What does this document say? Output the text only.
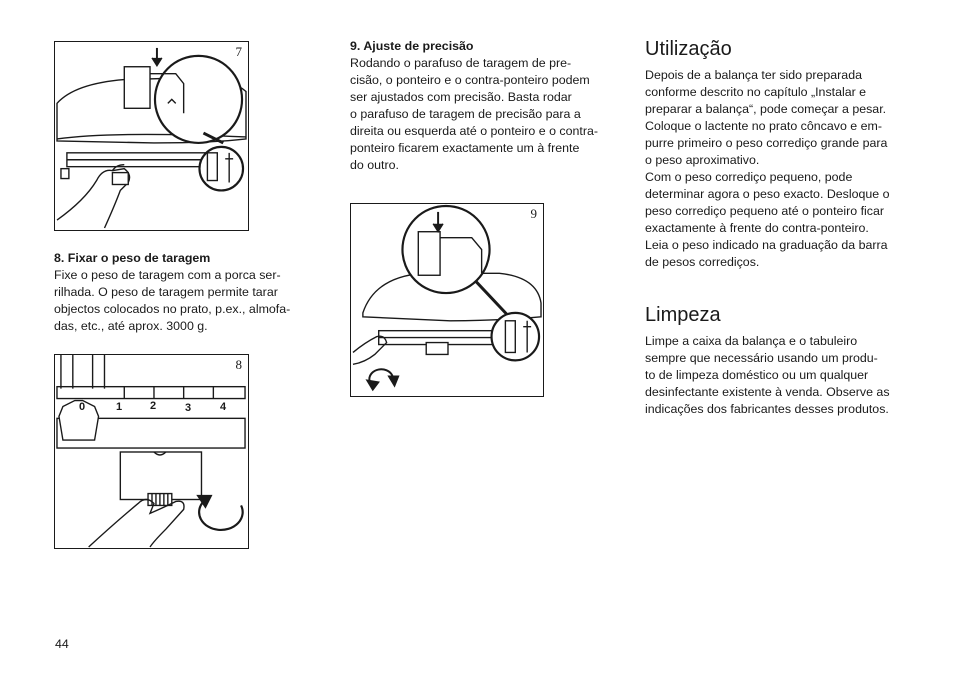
7
8. Fixar o peso de taragem

Fixe o peso de taragem com a porca ser-

rilhada. O peso de taragem permite tarar

objectos colocados no prato, p.ex., almofa-

das, etc., até aprox. 3000 g.

8
0	1	2	3	4
9. Ajuste de precisão

Rodando o parafuso de taragem de pre-

cisão, o ponteiro e o contra-ponteiro podem

ser ajustados com precisão. Basta rodar

o parafuso de taragem de precisão para a

direita ou esquerda até o ponteiro e o contra-

ponteiro ficarem exactamente um à frente

do outro.

9
Utilização

Depois de a balança ter sido preparada

conforme descrito no capítulo „Instalar e

preparar a balança“, pode começar a pesar.

Coloque o lactente no prato côncavo e em-

purre primeiro o peso corrediço grande para

o peso aproximativo.

Com o peso corrediço pequeno, pode

determinar agora o peso exacto. Desloque o

peso corrediço pequeno até o ponteiro ficar

exactamente à frente do contra-ponteiro.

Leia o peso indicado na graduação da barra

de pesos corrediços.

Limpeza

Limpe a caixa da balança e o tabuleiro

sempre que necessário usando um produ-

to de limpeza doméstico ou um qualquer

desinfectante existente à venda. Observe as

indicações dos fabricantes desses produtos.

44
